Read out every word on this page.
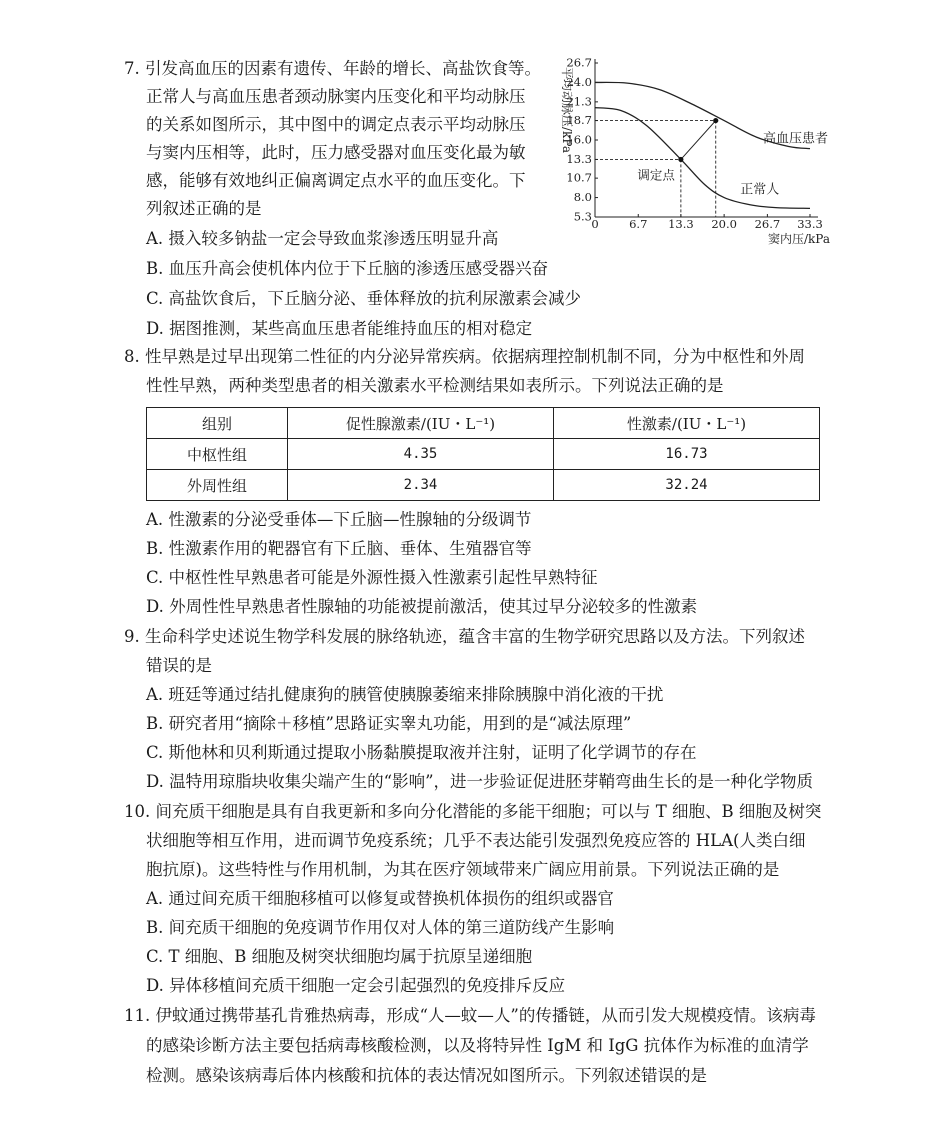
7. 引发高血压的因素有遗传、年龄的增长、高盐饮食等。
正常人与高血压患者颈动脉窦内压变化和平均动脉压
的关系如图所示，其中图中的调定点表示平均动脉压
与窦内压相等，此时，压力感受器对血压变化最为敏
感，能够有效地纠正偏离调定点水平的血压变化。下
列叙述正确的是
A. 摄入较多钠盐一定会导致血浆渗透压明显升高
B. 血压升高会使机体内位于下丘脑的渗透压感受器兴奋
C. 高盐饮食后，下丘脑分泌、垂体释放的抗利尿激素会减少
D. 据图推测，某些高血压患者能维持血压的相对稳定
5.3
8.0
10.7
13.3
16.0
18.7
21.3
24.0
26.7
0	6.7 13.3 20.0 26.7 33.3
平均动脉压/kPa
窦内压/kPa
调定点
高血压患者
正常人
8. 性早熟是过早出现第二性征的内分泌异常疾病。依据病理控制机制不同，分为中枢性和外周
性性早熟，两种类型患者的相关激素水平检测结果如表所示。下列说法正确的是
组别	促性腺激素/(IU・L⁻¹)	性激素/(IU・L⁻¹)
中枢性组	4.35	16.73
外周性组	2.34	32.24
A. 性激素的分泌受垂体—下丘脑—性腺轴的分级调节
B. 性激素作用的靶器官有下丘脑、垂体、生殖器官等
C. 中枢性性早熟患者可能是外源性摄入性激素引起性早熟特征
D. 外周性性早熟患者性腺轴的功能被提前激活，使其过早分泌较多的性激素
9. 生命科学史述说生物学科发展的脉络轨迹，蕴含丰富的生物学研究思路以及方法。下列叙述
错误的是
A. 班廷等通过结扎健康狗的胰管使胰腺萎缩来排除胰腺中消化液的干扰
B. 研究者用“摘除＋移植”思路证实睾丸功能，用到的是“减法原理”
C. 斯他林和贝利斯通过提取小肠黏膜提取液并注射，证明了化学调节的存在
D. 温特用琼脂块收集尖端产生的“影响”，进一步验证促进胚芽鞘弯曲生长的是一种化学物质
10. 间充质干细胞是具有自我更新和多向分化潜能的多能干细胞；可以与 T 细胞、B 细胞及树突
状细胞等相互作用，进而调节免疫系统；几乎不表达能引发强烈免疫应答的 HLA(人类白细
胞抗原)。这些特性与作用机制，为其在医疗领域带来广阔应用前景。下列说法正确的是
A. 通过间充质干细胞移植可以修复或替换机体损伤的组织或器官
B. 间充质干细胞的免疫调节作用仅对人体的第三道防线产生影响
C. T 细胞、B 细胞及树突状细胞均属于抗原呈递细胞
D. 异体移植间充质干细胞一定会引起强烈的免疫排斥反应
11. 伊蚊通过携带基孔肯雅热病毒，形成“人—蚊—人”的传播链，从而引发大规模疫情。该病毒
的感染诊断方法主要包括病毒核酸检测，以及将特异性 IgM 和 IgG 抗体作为标准的血清学
检测。感染该病毒后体内核酸和抗体的表达情况如图所示。下列叙述错误的是
